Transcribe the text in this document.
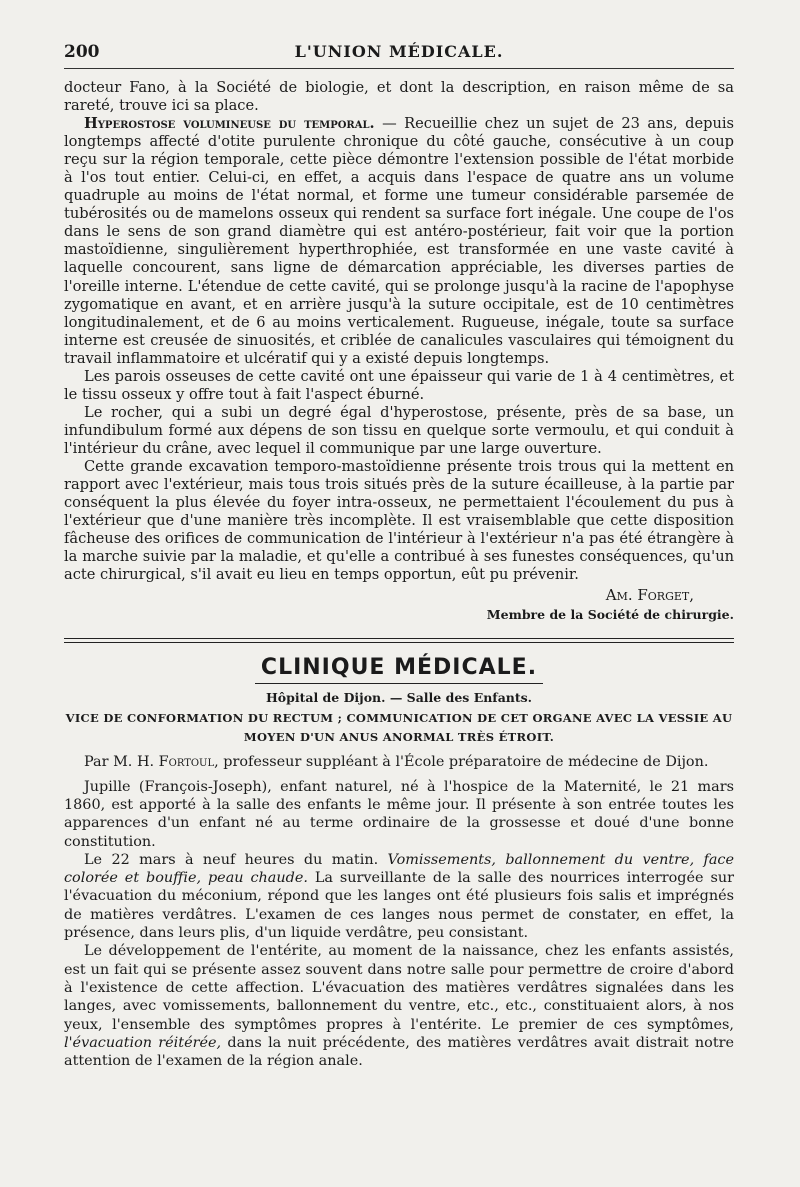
200	L'UNION MÉDICALE.

docteur Fano, à la Société de biologie, et dont la description, en raison même de sa rareté, trouve ici sa place.

Hyperostose volumineuse du temporal. — Recueillie chez un sujet de 23 ans, depuis longtemps affecté d'otite purulente chronique du côté gauche, consécutive à un coup reçu sur la région temporale, cette pièce démontre l'extension possible de l'état morbide à l'os tout entier. Celui-ci, en effet, a acquis dans l'espace de quatre ans un volume quadruple au moins de l'état normal, et forme une tumeur considérable parsemée de tubérosités ou de mamelons osseux qui rendent sa surface fort inégale. Une coupe de l'os dans le sens de son grand diamètre qui est antéro-postérieur, fait voir que la portion mastoïdienne, singulièrement hyperthrophiée, est transformée en une vaste cavité à laquelle concourent, sans ligne de démarcation appréciable, les diverses parties de l'oreille interne. L'étendue de cette cavité, qui se prolonge jusqu'à la racine de l'apophyse zygomatique en avant, et en arrière jusqu'à la suture occipitale, est de 10 centimètres longitudinalement, et de 6 au moins verticalement. Rugueuse, inégale, toute sa surface interne est creusée de sinuosités, et criblée de canalicules vasculaires qui témoignent du travail inflammatoire et ulcératif qui y a existé depuis longtemps.

Les parois osseuses de cette cavité ont une épaisseur qui varie de 1 à 4 centimètres, et le tissu osseux y offre tout à fait l'aspect éburné.

Le rocher, qui a subi un degré égal d'hyperostose, présente, près de sa base, un infundibulum formé aux dépens de son tissu en quelque sorte vermoulu, et qui conduit à l'intérieur du crâne, avec lequel il communique par une large ouverture.

Cette grande excavation temporo-mastoïdienne présente trois trous qui la mettent en rapport avec l'extérieur, mais tous trois situés près de la suture écailleuse, à la partie par conséquent la plus élevée du foyer intra-osseux, ne permettaient l'écoulement du pus à l'extérieur que d'une manière très incomplète. Il est vraisemblable que cette disposition fâcheuse des orifices de communication de l'intérieur à l'extérieur n'a pas été étrangère à la marche suivie par la maladie, et qu'elle a contribué à ses funestes conséquences, qu'un acte chirurgical, s'il avait eu lieu en temps opportun, eût pu prévenir.

Am. Forget,
Membre de la Société de chirurgie.
CLINIQUE MÉDICALE.
Hôpital de Dijon. — Salle des Enfants.
VICE DE CONFORMATION DU RECTUM ; COMMUNICATION DE CET ORGANE AVEC LA VESSIE AU MOYEN D'UN ANUS ANORMAL TRÈS ÉTROIT.

Par M. H. Fortoul, professeur suppléant à l'École préparatoire de médecine de Dijon.

Jupille (François-Joseph), enfant naturel, né à l'hospice de la Maternité, le 21 mars 1860, est apporté à la salle des enfants le même jour. Il présente à son entrée toutes les apparences d'un enfant né au terme ordinaire de la grossesse et doué d'une bonne constitution.

Le 22 mars à neuf heures du matin. Vomissements, ballonnement du ventre, face colorée et bouffie, peau chaude. La surveillante de la salle des nourrices interrogée sur l'évacuation du méconium, répond que les langes ont été plusieurs fois salis et imprégnés de matières verdâtres. L'examen de ces langes nous permet de constater, en effet, la présence, dans leurs plis, d'un liquide verdâtre, peu consistant.

Le développement de l'entérite, au moment de la naissance, chez les enfants assistés, est un fait qui se présente assez souvent dans notre salle pour permettre de croire d'abord à l'existence de cette affection. L'évacuation des matières verdâtres signalées dans les langes, avec vomissements, ballonnement du ventre, etc., etc., constituaient alors, à nos yeux, l'ensemble des symptômes propres à l'entérite. Le premier de ces symptômes, l'évacuation réitérée, dans la nuit précédente, des matières verdâtres avait distrait notre attention de l'examen de la région anale.
